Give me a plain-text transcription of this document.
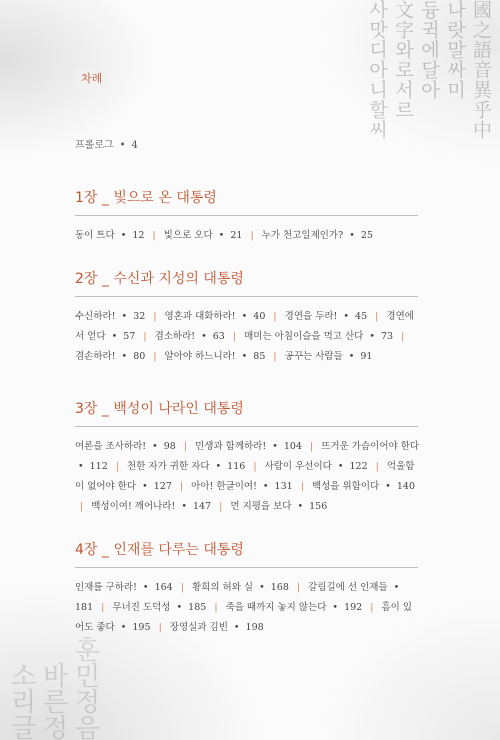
國之語音異乎中
나랏말싸미
듕귁에달아
文字와로서르
사맛디아니할씨
소리글 바른정 훈민정음
차례
프롤로그 • 4
1장 _ 빛으로 온 대통령
동이 트다 • 12 | 빛으로 오다 • 21 | 누가 천고일제인가? • 25
2장 _ 수신과 지성의 대통령
수신하라! • 32 | 영혼과 대화하라! • 40 | 경연을 두라! • 45 | 경연에서 얻다 • 57 | 겸소하라! • 63 | 매미는 아침이슬을 먹고 산다 • 73 | 겸손하라! • 80 | 알아야 하느니라! • 85 | 공꾸는 사람들 • 91
3장 _ 백성이 나라인 대통령
여론을 조사하라! • 98 | 민생과 함께하라! • 104 | 뜨거운 가슴이어야 한다 • 112 | 천한 자가 귀한 자다 • 116 | 사람이 우선이다 • 122 | 억울함이 없어야 한다 • 127 | 아아! 한글이여! • 131 | 백성을 위함이다 • 140 | 백성이여! 깨어나라! • 147 | 먼 지평을 보다 • 156
4장 _ 인재를 다루는 대통령
인재를 구하라! • 164 | 황희의 허와 실 • 168 | 갈림길에 선 인재들 • 181 | 무너진 도덕성 • 185 | 죽을 때까지 놓지 않는다 • 192 | 흠이 있어도 좋다 • 195 | 장영실과 김빈 • 198
